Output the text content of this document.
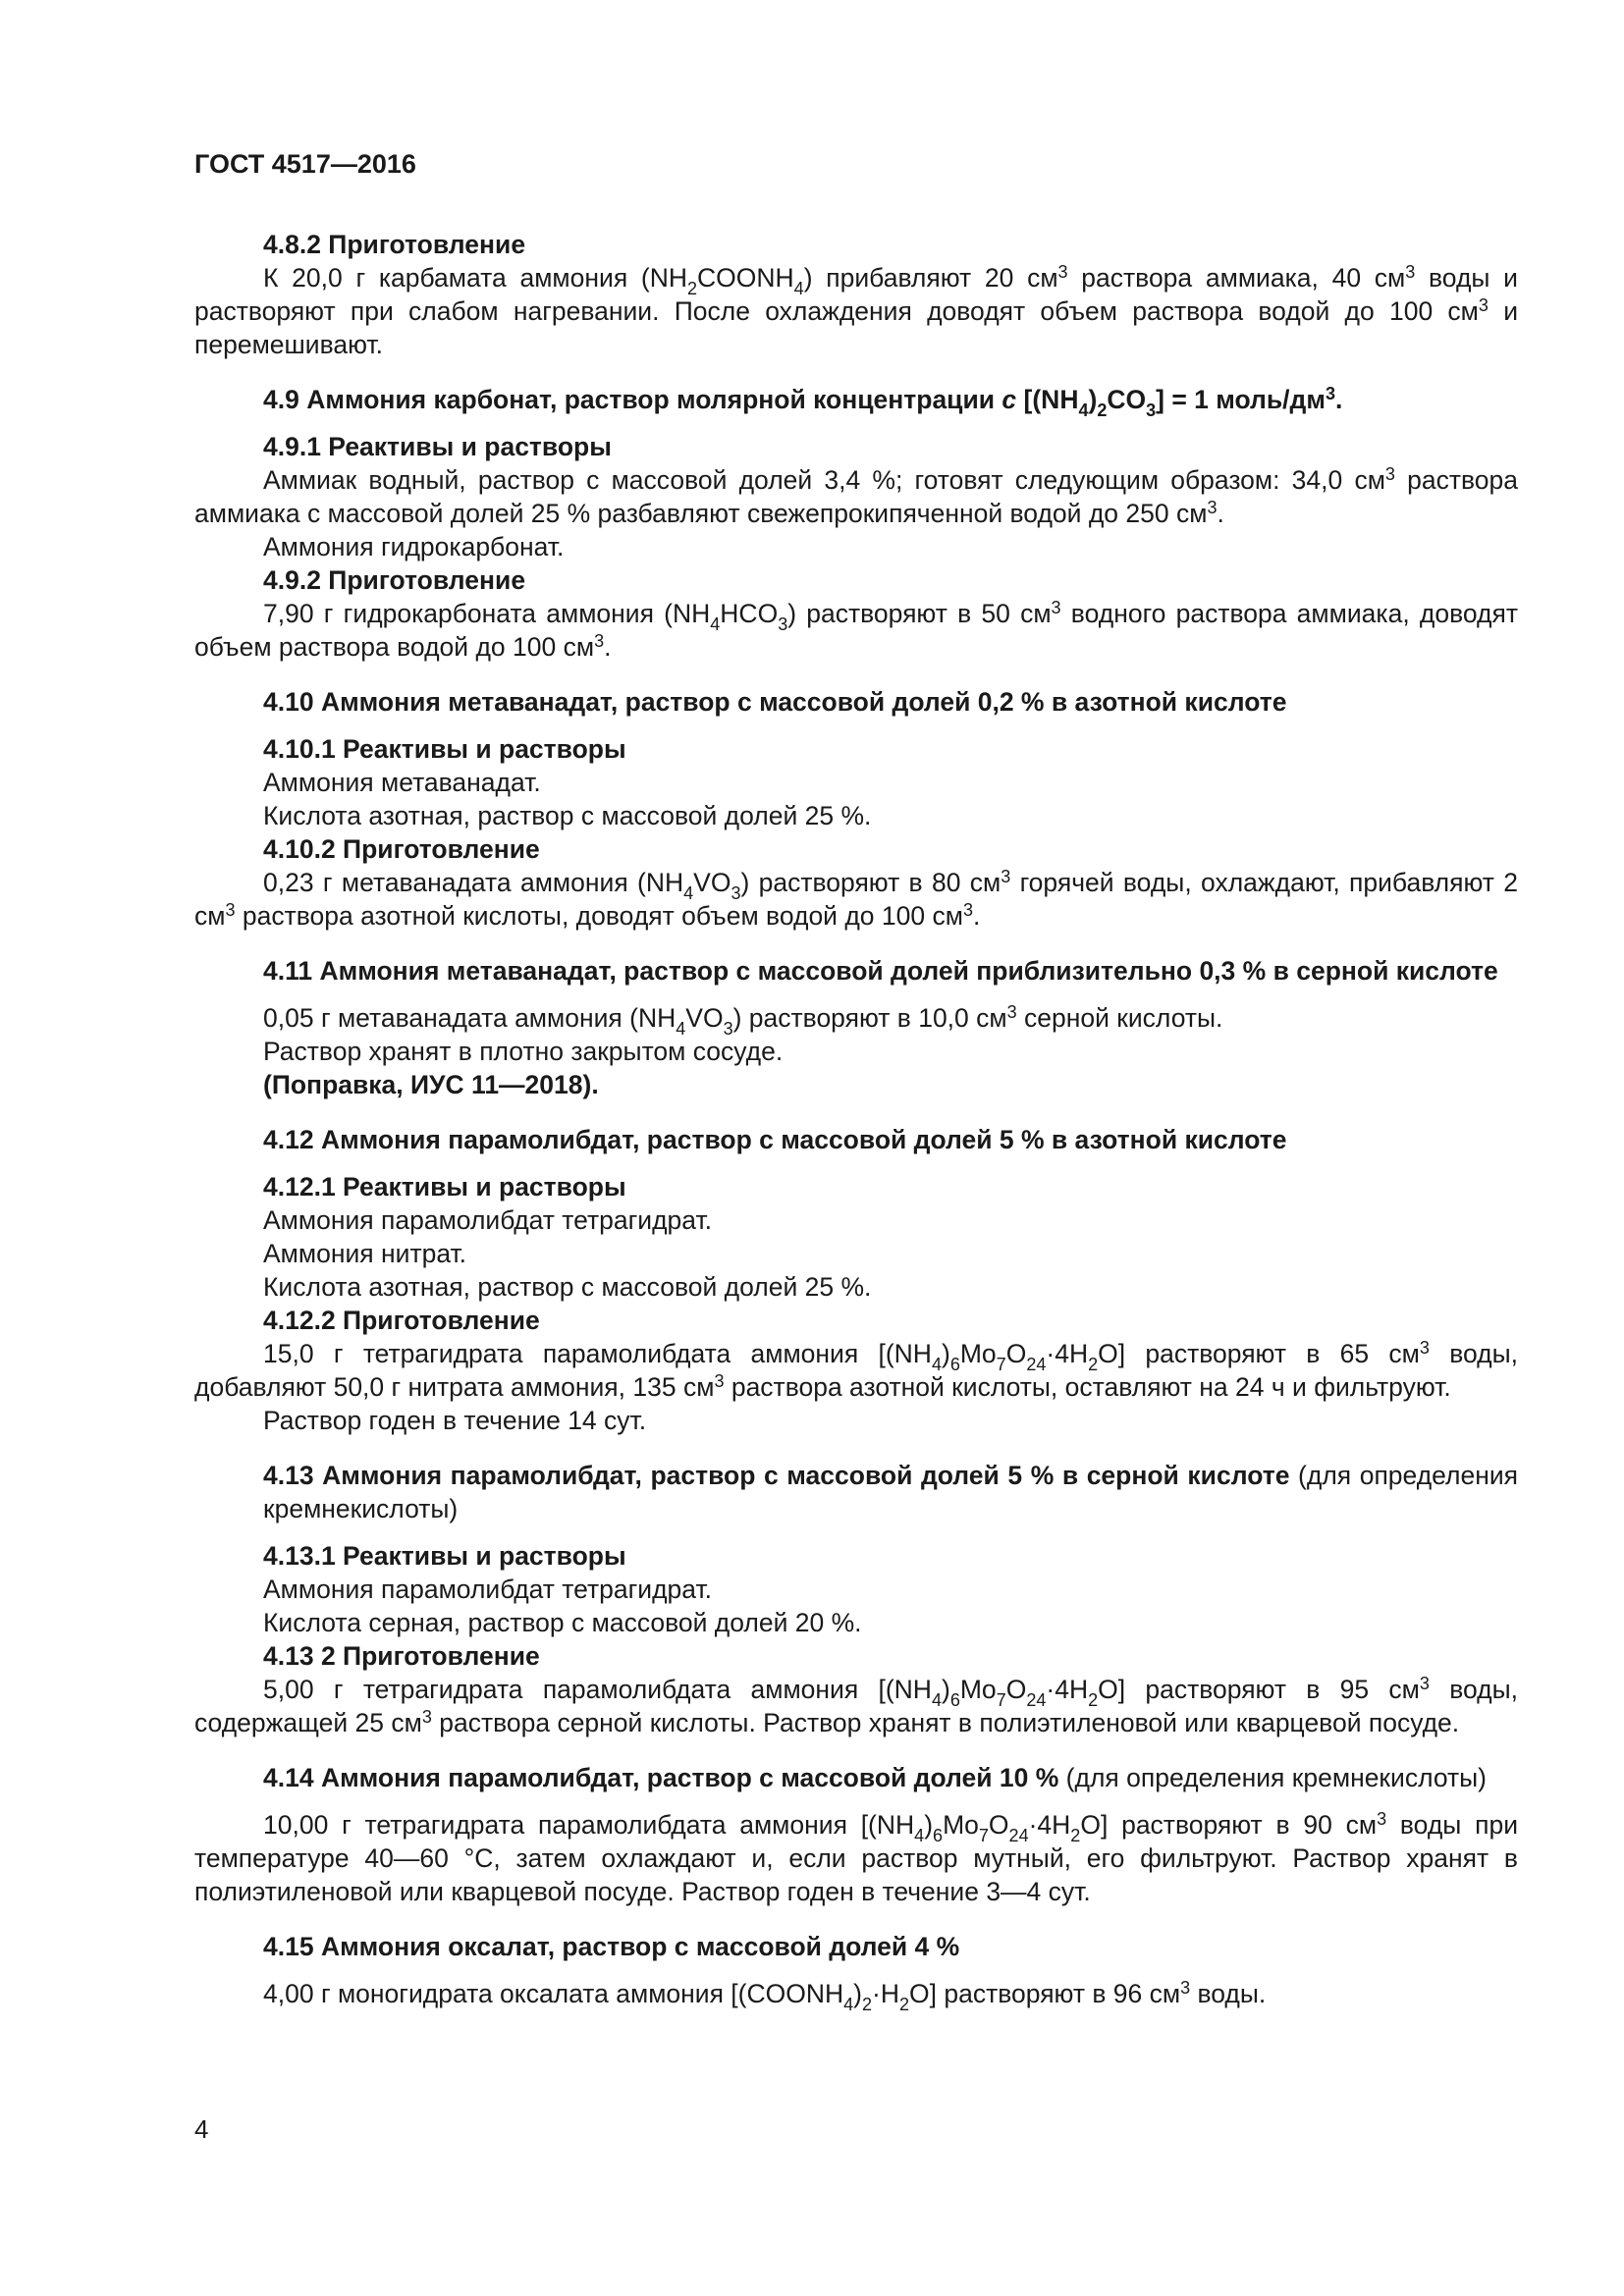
ГОСТ 4517—2016

4.8.2 Приготовление

К 20,0 г карбамата аммония $(NH_2COONH_4)$ прибавляют 20 $см^3$ раствора аммиака, 40 $см^3$ воды и растворяют при слабом нагревании. После охлаждения доводят объем раствора водой до 100 $см^3$ и перемешивают.

4.9 Аммония карбонат, раствор молярной концентрации с $[(NH_4)_2CO_3] = 1$ моль/$дм^3$.

4.9.1 Реактивы и растворы

Аммиак водный, раствор с массовой долей 3,4 %; готовят следующим образом: 34,0 $см^3$ раствора аммиака с массовой долей 25 % разбавляют свежепрокипяченной водой до 250 $см^3$.

Аммония гидрокарбонат.

4.9.2 Приготовление

7,90 г гидрокарбоната аммония $(NH_4HCO_3)$ растворяют в 50 $см^3$ водного раствора аммиака, доводят объем раствора водой до 100 $см^3$.

4.10 Аммония метаванадат, раствор с массовой долей 0,2 % в азотной кислоте

4.10.1 Реактивы и растворы

Аммония метаванадат.

Кислота азотная, раствор с массовой долей 25 %.

4.10.2 Приготовление

0,23 г метаванадата аммония $(NH_4VO_3)$ растворяют в 80 $см^3$ горячей воды, охлаждают, прибавляют 2 $см^3$ раствора азотной кислоты, доводят объем водой до 100 $см^3$.

4.11 Аммония метаванадат, раствор с массовой долей приблизительно 0,3 % в серной кислоте

0,05 г метаванадата аммония $(NH_4VO_3)$ растворяют в 10,0 $см^3$ серной кислоты.

Раствор хранят в плотно закрытом сосуде.

(Поправка, ИУС 11—2018).

4.12 Аммония парамолибдат, раствор с массовой долей 5 % в азотной кислоте

4.12.1 Реактивы и растворы

Аммония парамолибдат тетрагидрат.

Аммония нитрат.

Кислота азотная, раствор с массовой долей 25 %.

4.12.2 Приготовление

15,0 г тетрагидрата парамолибдата аммония $[(NH_4)_6Mo_7O_{24}\cdot 4H_2O]$ растворяют в 65 $см^3$ воды, добавляют 50,0 г нитрата аммония, 135 $см^3$ раствора азотной кислоты, оставляют на 24 ч и фильтруют.

Раствор годен в течение 14 сут.

4.13 Аммония парамолибдат, раствор с массовой долей 5 % в серной кислоте (для определения кремнекислоты)

4.13.1 Реактивы и растворы

Аммония парамолибдат тетрагидрат.

Кислота серная, раствор с массовой долей 20 %.

4.13 2 Приготовление

5,00 г тетрагидрата парамолибдата аммония $[(NH_4)_6Mo_7O_{24}\cdot 4H_2O]$ растворяют в 95 $см^3$ воды, содержащей 25 $см^3$ раствора серной кислоты. Раствор хранят в полиэтиленовой или кварцевой посуде.

4.14 Аммония парамолибдат, раствор с массовой долей 10 % (для определения кремнекислоты)

10,00 г тетрагидрата парамолибдата аммония $[(NH_4)_6Mo_7O_{24}\cdot 4H_2O]$ растворяют в 90 $см^3$ воды при температуре 40—60 °С, затем охлаждают и, если раствор мутный, его фильтруют. Раствор хранят в полиэтиленовой или кварцевой посуде. Раствор годен в течение 3—4 сут.

4.15 Аммония оксалат, раствор с массовой долей 4 %

4,00 г моногидрата оксалата аммония $[(COONH_4)_2\cdot H_2O]$ растворяют в 96 $см^3$ воды.

4
